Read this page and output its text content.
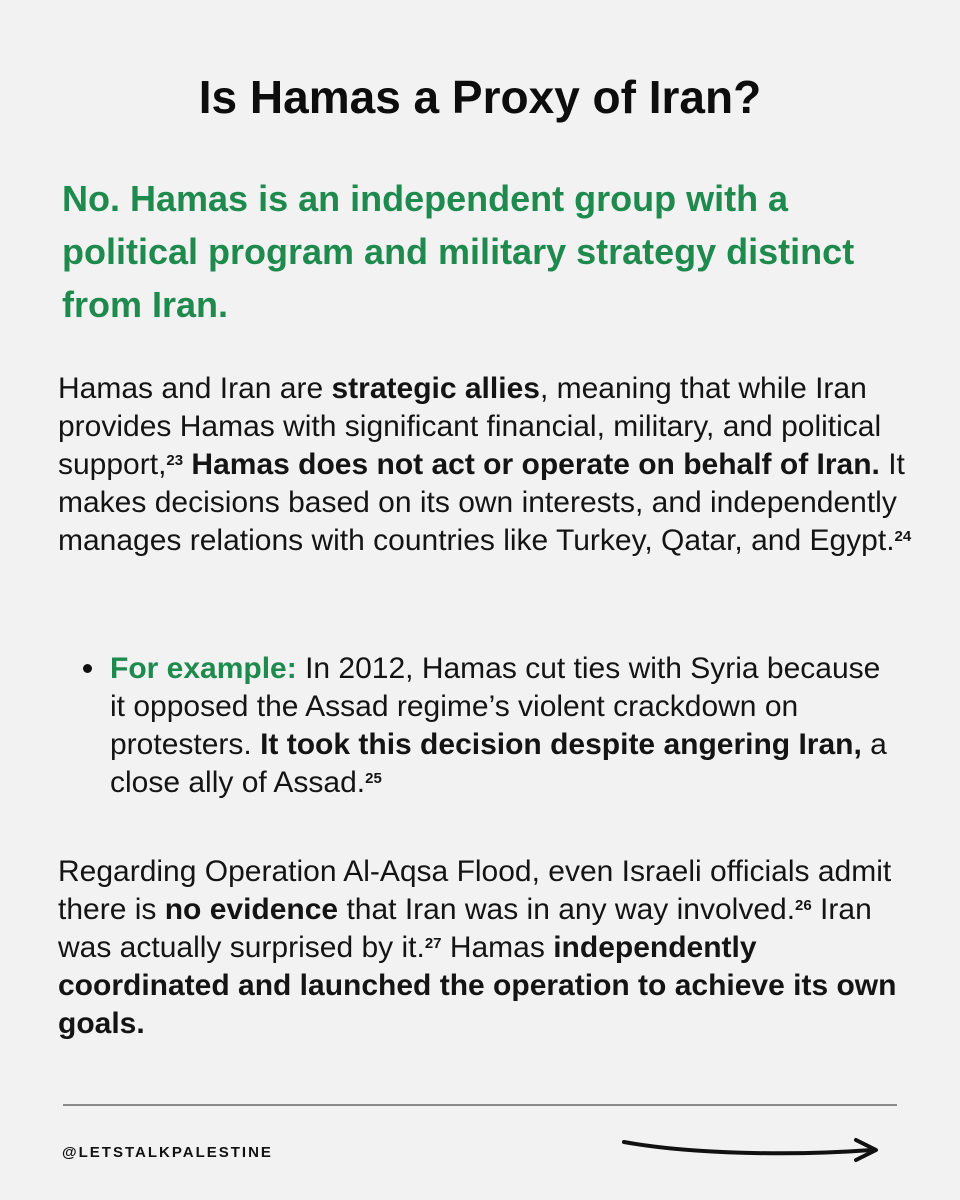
Is Hamas a Proxy of Iran?

No. Hamas is an independent group with a political program and military strategy distinct from Iran.

Hamas and Iran are strategic allies, meaning that while Iran provides Hamas with significant financial, military, and political support,$^{23}$ Hamas does not act or operate on behalf of Iran. It makes decisions based on its own interests, and independently manages relations with countries like Turkey, Qatar, and Egypt.$^{24}$

For example: In 2012, Hamas cut ties with Syria because it opposed the Assad regime’s violent crackdown on protesters. It took this decision despite angering Iran, a close ally of Assad.$^{25}$

Regarding Operation Al-Aqsa Flood, even Israeli officials admit there is no evidence that Iran was in any way involved.$^{26}$ Iran was actually surprised by it.$^{27}$ Hamas independently coordinated and launched the operation to achieve its own goals.

@LETSTALKPALESTINE
